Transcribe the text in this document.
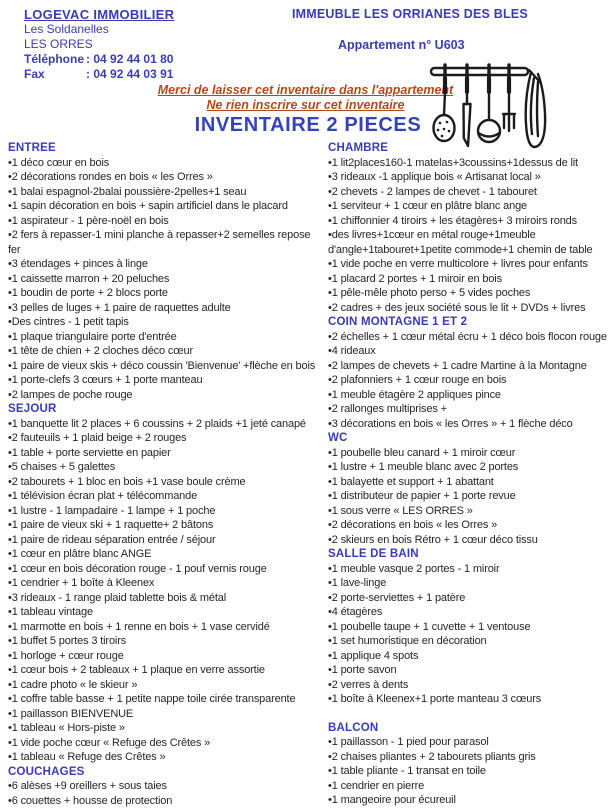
LOGEVAC IMMOBILIER
Les Soldanelles
LES ORRES
Téléphone : 04 92 44 01 80
Fax	: 04 92 44 03 91
IMMEUBLE LES ORRIANES DES BLES
Appartement n° U603
Merci de laisser cet inventaire dans l'appartement
Ne rien inscrire sur cet inventaire
INVENTAIRE 2 PIECES
ENTREE
•1 déco cœur en bois
•2 décorations rondes en bois « les Orres »
•1 balai espagnol-2balai poussière-2pelles+1 seau
•1 sapin décoration en bois + sapin artificiel dans le placard
•1 aspirateur - 1 père-noël en bois
•2 fers à repasser-1 mini planche à repasser+2 semelles repose fer
•3 étendages + pinces à linge
•1 caissette marron + 20 peluches
•1 boudin de porte + 2 blocs porte
•3 pelles de luges + 1 paire de raquettes adulte
•Des cintres - 1 petit tapis
•1 plaque triangulaire porte d'entrée
•1 tête de chien + 2 cloches déco cœur
•1 paire de vieux skis + déco coussin 'Bienvenue' +flèche en bois
•1 porte-clefs 3 cœurs + 1 porte manteau
•2 lampes de poche rouge
SEJOUR
•1 banquette lit 2 places + 6 coussins + 2 plaids +1 jeté canapé
•2 fauteuils + 1 plaid beige + 2 rouges
•1 table + porte serviette en papier
•5 chaises + 5 galettes
•2 tabourets + 1 bloc en bois +1 vase boule crème
•1 télévision écran plat + télécommande
•1 lustre - 1 lampadaire - 1 lampe + 1 poche
•1 paire de vieux ski + 1 raquette+ 2 bâtons
•1 paire de rideau séparation entrée / séjour
•1 cœur en plâtre blanc ANGE
•1 cœur en bois décoration rouge - 1 pouf vernis rouge
•1 cendrier + 1 boîte à Kleenex
•3 rideaux - 1 range plaid tablette bois & métal
•1 tableau vintage
•1 marmotte en bois + 1 renne en bois + 1 vase cervidé
•1 buffet 5 portes 3 tiroirs
•1 horloge + cœur rouge
•1 cœur bois + 2 tableaux + 1 plaque en verre assortie
•1 cadre photo « le skieur »
•1 coffre table basse + 1 petite nappe toile cirée transparente
•1 paillasson BIENVENUE
•1 tableau « Hors-piste »
•1 vide poche cœur « Refuge des Crêtes »
•1 tableau « Refuge des Crêtes »
COUCHAGES
•6 alèses +9 oreillers + sous taies
•6 couettes + housse de protection
CHAMBRE
•1 lit2places160-1 matelas+3coussins+1dessus de lit
•3 rideaux -1 applique bois « Artisanat local »
•2 chevets - 2 lampes de chevet - 1 tabouret
•1 serviteur + 1 cœur en plâtre blanc ange
•1 chiffonnier 4 tiroirs + les étagères+ 3 miroirs ronds
•des livres+1cœur en métal rouge+1meuble d'angle+1tabouret+1petite commode+1 chemin de table
•1 vide poche en verre multicolore + livres pour enfants
•1 placard 2 portes + 1 miroir en bois
•1 pêle-mêle photo perso + 5 vides poches
•2 cadres + des jeux société sous le lit + DVDs + livres
COIN MONTAGNE 1 ET 2
•2 échelles + 1 cœur métal écru + 1 déco bois flocon rouge
•4 rideaux
•2 lampes de chevets + 1 cadre Martine à la Montagne
•2 plafonniers + 1 cœur rouge en bois
•1 meuble étagère 2 appliques pince
•2 rallonges multiprises +
•3 décorations en bois « les Orres » + 1 flèche déco
WC
•1 poubelle bleu canard + 1 miroir cœur
•1 lustre + 1 meuble blanc avec 2 portes
•1 balayette et support + 1 abattant
•1 distributeur de papier + 1 porte revue
•1 sous verre « LES ORRES »
•2 décorations en bois « les Orres »
•2 skieurs en bois Rétro + 1 cœur déco tissu
SALLE DE BAIN
•1 meuble vasque 2 portes - 1 miroir
•1 lave-linge
•2 porte-serviettes + 1 patère
•4 étagères
•1 poubelle taupe + 1 cuvette + 1 ventouse
•1 set humoristique en décoration
•1 applique 4 spots
•1 porte savon
•2 verres à dents
•1 boîte à Kleenex+1 porte manteau 3 cœurs
BALCON
•1 paillasson - 1 pied pour parasol
•2 chaises pliantes + 2 tabourets pliants gris
•1 table pliante - 1 transat en toile
•1 cendrier en pierre
•1 mangeoire pour écureuil
